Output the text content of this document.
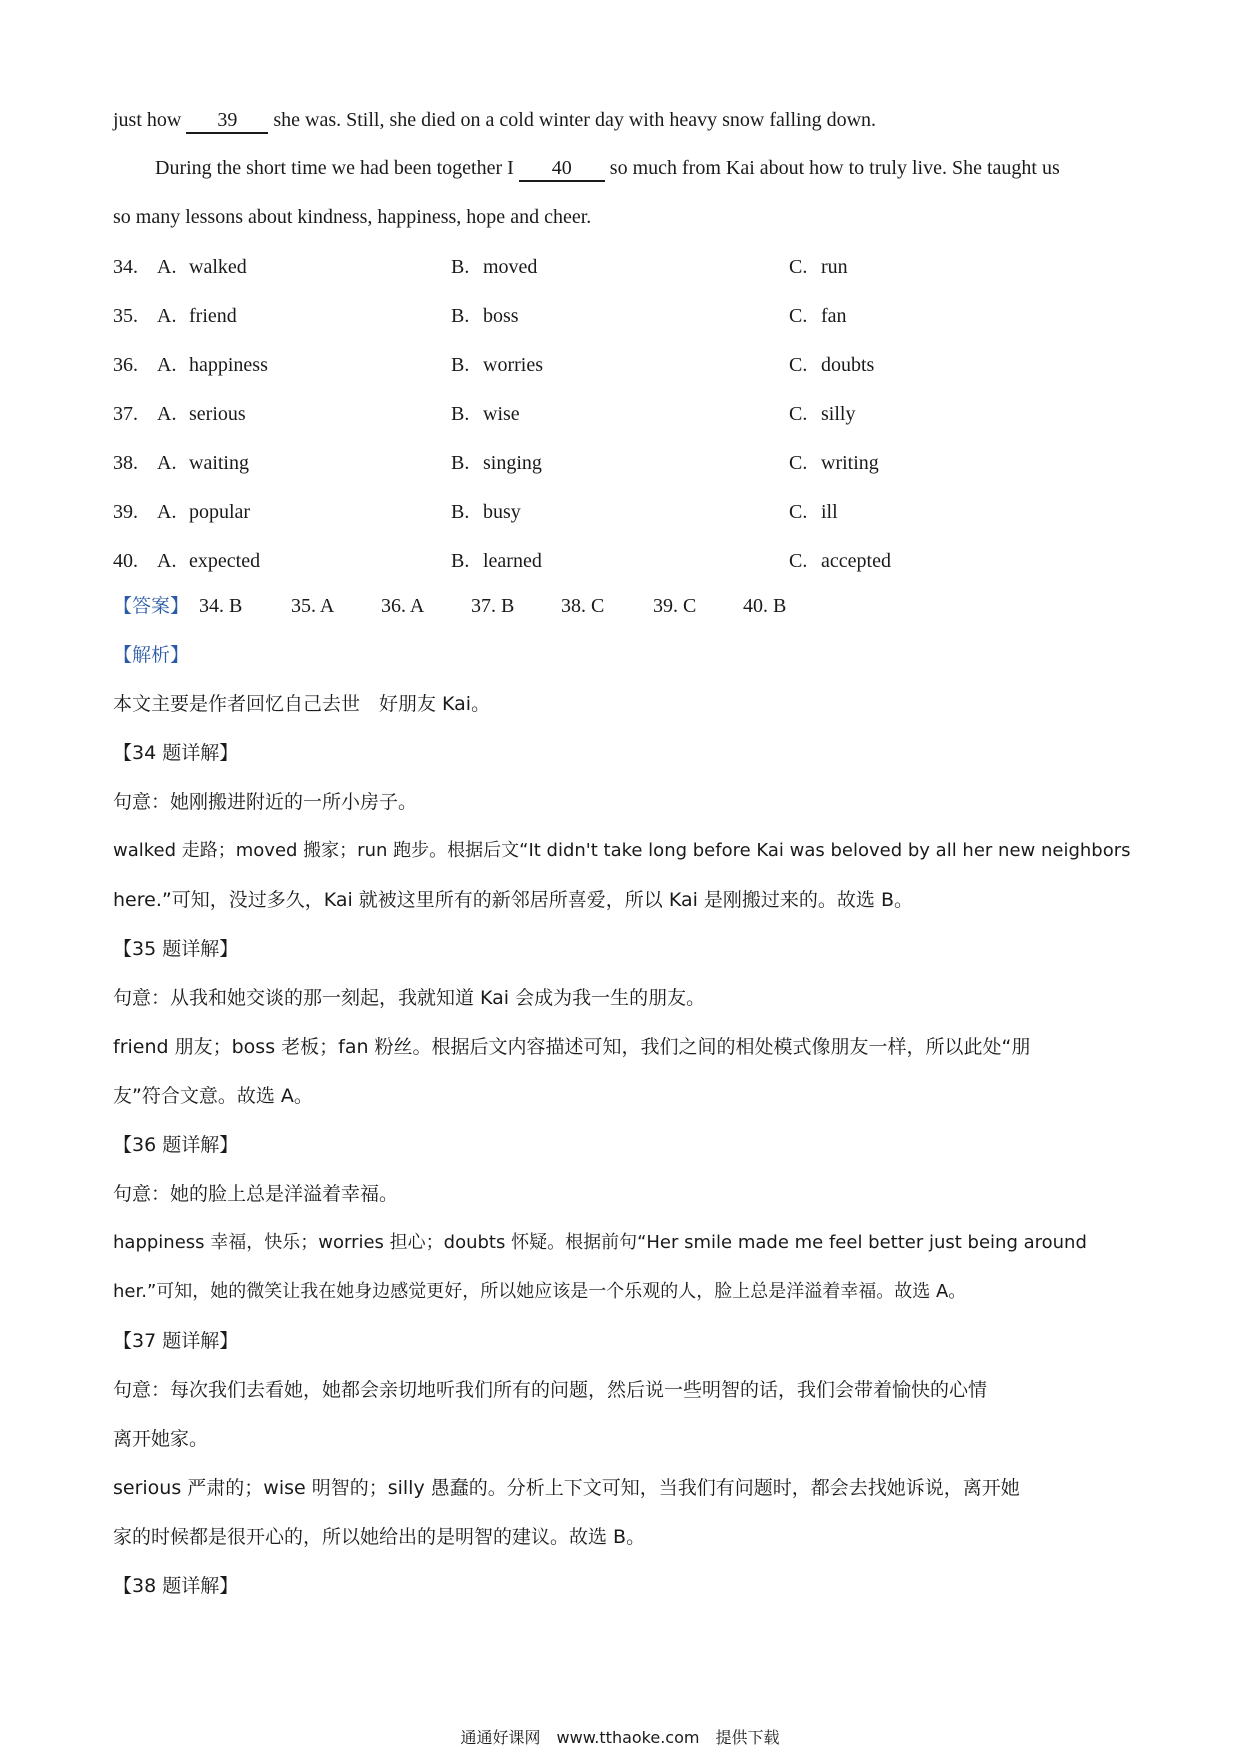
just how 39 she was. Still, she died on a cold winter day with heavy snow falling down.
During the short time we had been together I 40 so much from Kai about how to truly live. She taught us
so many lessons about kindness, happiness, hope and cheer.
34. A. walked	B. moved	C. run
35. A. friend	B. boss	C. fan
36. A. happiness	B. worries	C. doubts
37. A. serious	B. wise	C. silly
38. A. waiting	B. singing	C. writing
39. A. popular	B. busy	C. ill
40. A. expected	B. learned	C. accepted
【答案】 34. B 35. A 36. A 37. B 38. C 39. C 40. B
【解析】
本文主要是作者回忆自己去世　好朋友 Kai。
【34 题详解】
句意：她刚搬进附近的一所小房子。
walked 走路；moved 搬家；run 跑步。根据后文“It didn't take long before Kai was beloved by all her new neighbors
here.”可知，没过多久，Kai 就被这里所有的新邻居所喜爱，所以 Kai 是刚搬过来的。故选 B。
【35 题详解】
句意：从我和她交谈的那一刻起，我就知道 Kai 会成为我一生的朋友。
friend 朋友；boss 老板；fan 粉丝。根据后文内容描述可知，我们之间的相处模式像朋友一样，所以此处“朋
友”符合文意。故选 A。
【36 题详解】
句意：她的脸上总是洋溢着幸福。
happiness 幸福，快乐；worries 担心；doubts 怀疑。根据前句“Her smile made me feel better just being around
her.”可知，她的微笑让我在她身边感觉更好，所以她应该是一个乐观的人，脸上总是洋溢着幸福。故选 A。
【37 题详解】
句意：每次我们去看她，她都会亲切地听我们所有的问题，然后说一些明智的话，我们会带着愉快的心情
离开她家。
serious 严肃的；wise 明智的；silly 愚蠢的。分析上下文可知，当我们有问题时，都会去找她诉说，离开她
家的时候都是很开心的，所以她给出的是明智的建议。故选 B。
【38 题详解】
通通好课网　www.tthaoke.com　提供下载
